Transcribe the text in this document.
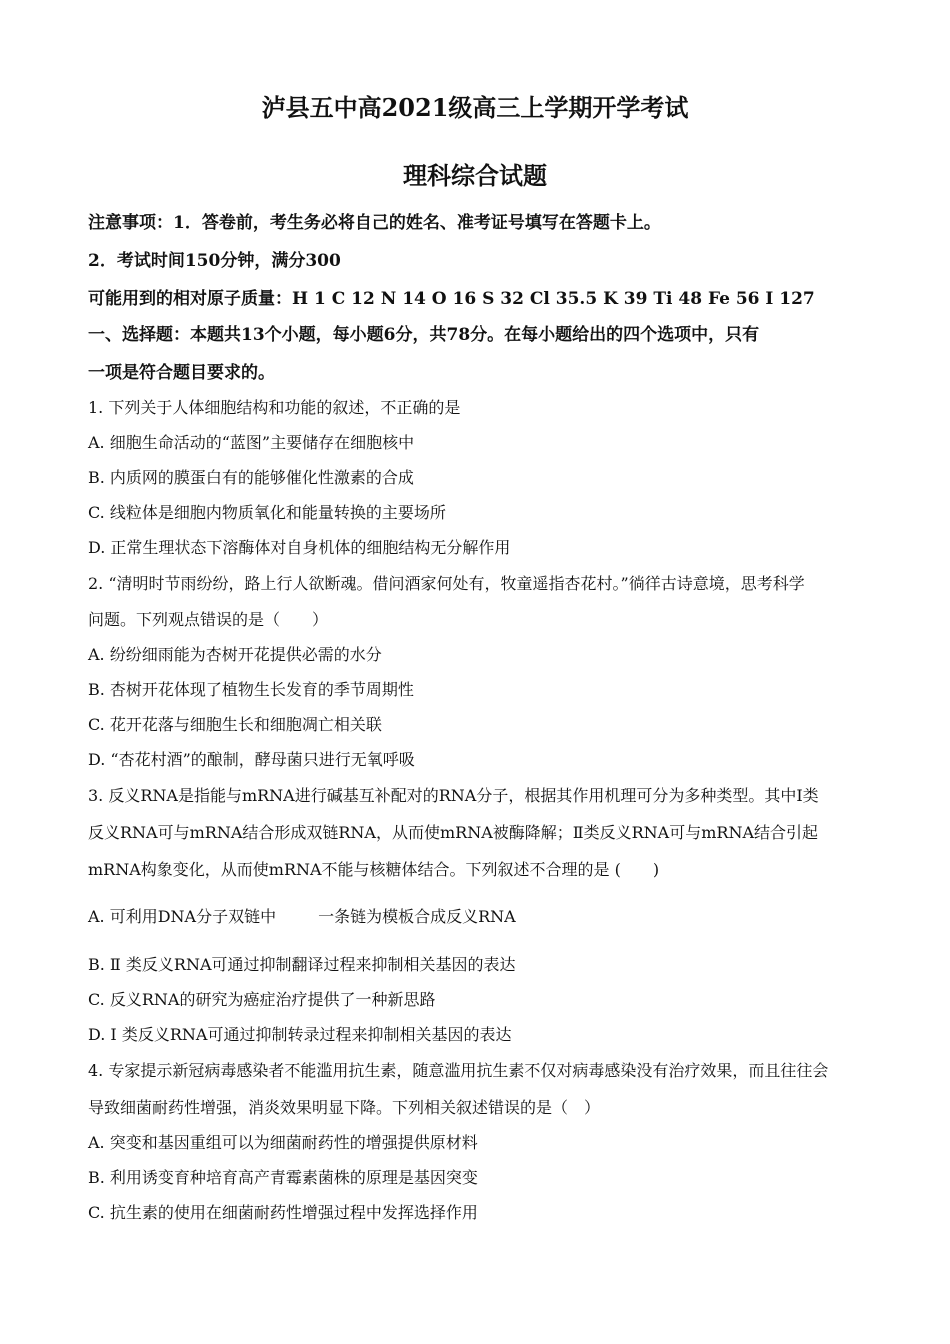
泸县五中高2021级高三上学期开学考试
理科综合试题
注意事项：1．答卷前，考生务必将自己的姓名、准考证号填写在答题卡上。
2．考试时间150分钟，满分300
可能用到的相对原子质量：H 1 C 12 N 14 O 16 S 32 Cl 35.5 K 39 Ti 48 Fe 56 I 127
一、选择题：本题共13个小题，每小题6分，共78分。在每小题给出的四个选项中，只有
一项是符合题目要求的。
1. 下列关于人体细胞结构和功能的叙述，不正确的是
A. 细胞生命活动的“蓝图”主要储存在细胞核中
B. 内质网的膜蛋白有的能够催化性激素的合成
C. 线粒体是细胞内物质氧化和能量转换的主要场所
D. 正常生理状态下溶酶体对自身机体的细胞结构无分解作用
2. “清明时节雨纷纷，路上行人欲断魂。借问酒家何处有，牧童遥指杏花村。”徜徉古诗意境，思考科学
问题。下列观点错误的是（　　）
A. 纷纷细雨能为杏树开花提供必需的水分
B. 杏树开花体现了植物生长发育的季节周期性
C. 花开花落与细胞生长和细胞凋亡相关联
D. “杏花村酒”的酿制，酵母菌只进行无氧呼吸
3. 反义RNA是指能与mRNA进行碱基互补配对的RNA分子，根据其作用机理可分为多种类型。其中Ⅰ类
反义RNA可与mRNA结合形成双链RNA，从而使mRNA被酶降解；Ⅱ类反义RNA可与mRNA结合引起
mRNA构象变化，从而使mRNA不能与核糖体结合。下列叙述不合理的是 (　　)
A. 可利用DNA分子双链中	一条链为模板合成反义RNA
B. Ⅱ 类反义RNA可通过抑制翻译过程来抑制相关基因的表达
C. 反义RNA的研究为癌症治疗提供了一种新思路
D. Ⅰ 类反义RNA可通过抑制转录过程来抑制相关基因的表达
4. 专家提示新冠病毒感染者不能滥用抗生素，随意滥用抗生素不仅对病毒感染没有治疗效果，而且往往会
导致细菌耐药性增强，消炎效果明显下降。下列相关叙述错误的是（　）
A. 突变和基因重组可以为细菌耐药性的增强提供原材料
B. 利用诱变育种培育高产青霉素菌株的原理是基因突变
C. 抗生素的使用在细菌耐药性增强过程中发挥选择作用
